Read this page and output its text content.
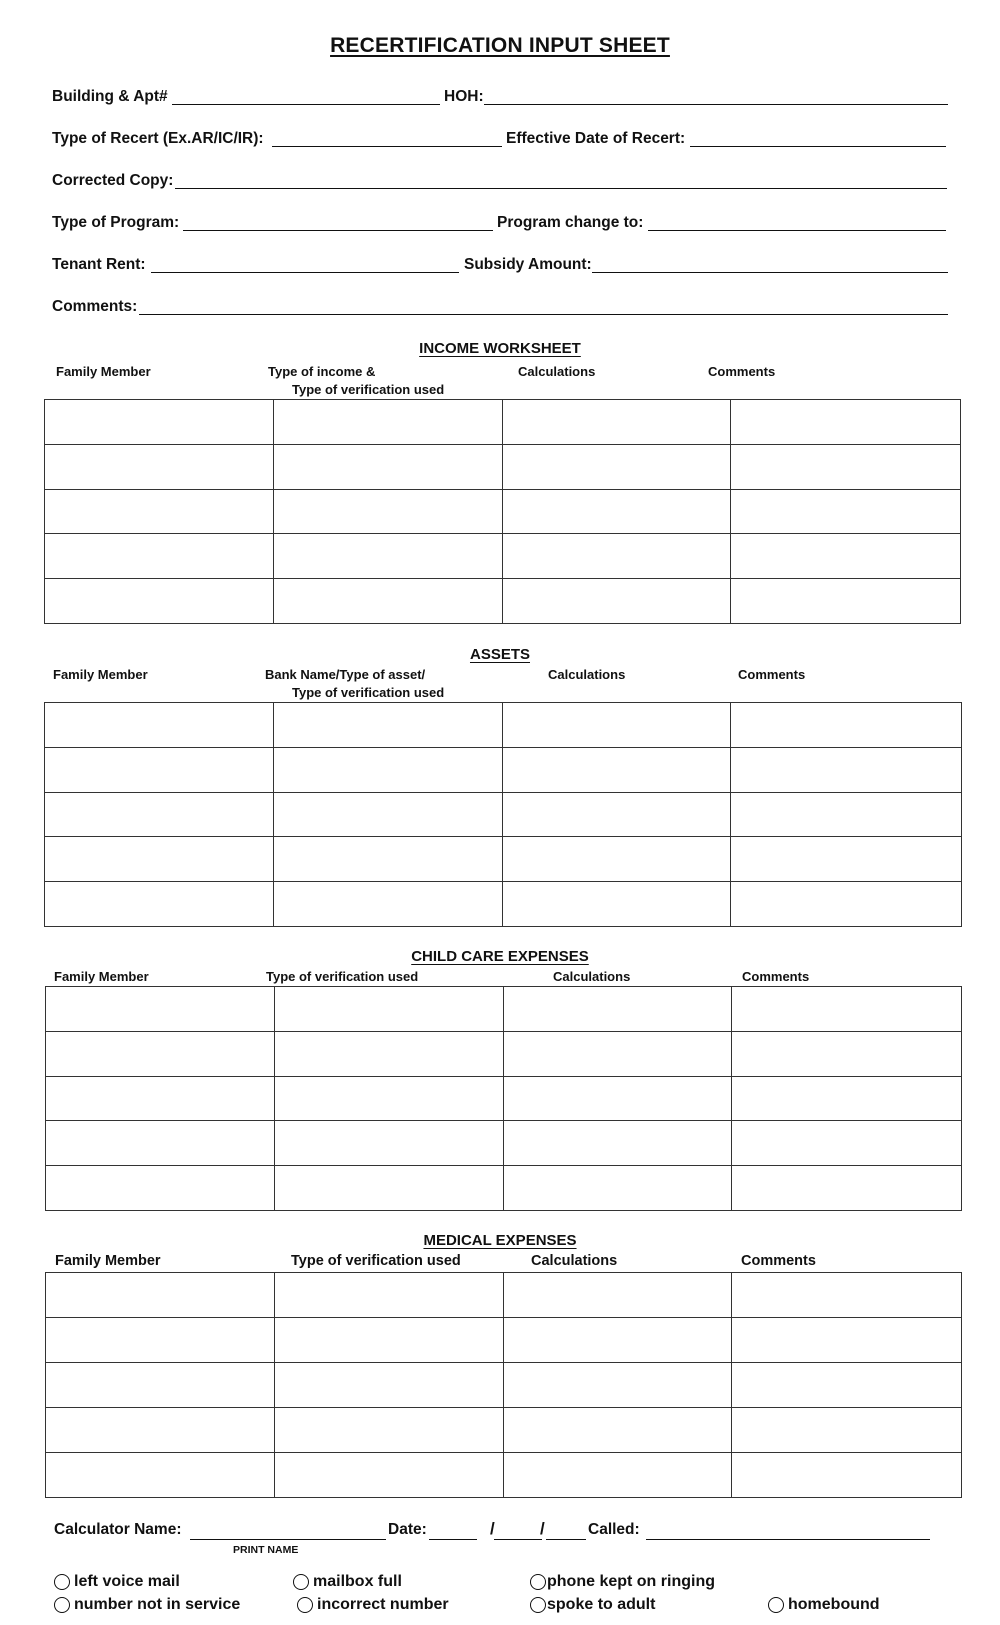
RECERTIFICATION INPUT SHEET
Building & Apt#	HOH:
Type of Recert (Ex.AR/IC/IR):	Effective Date of Recert:
Corrected Copy:
Type of Program:	Program change to:
Tenant Rent:	Subsidy Amount:
Comments:
INCOME WORKSHEET
Family Member	Type of income &
Type of verification used
Calculations	Comments

ASSETS
Family Member	Bank Name/Type of asset/
Type of verification used
Calculations	Comments

CHILD CARE EXPENSES
Family Member	Type of verification used	Calculations	Comments

MEDICAL EXPENSES
Family Member	Type of verification used	Calculations	Comments

Calculator Name:
PRINT NAME
Date:	/	/	Called:
left voice mail	mailbox full	phone kept on ringing
number not in service	incorrect number	spoke to adult	homebound
